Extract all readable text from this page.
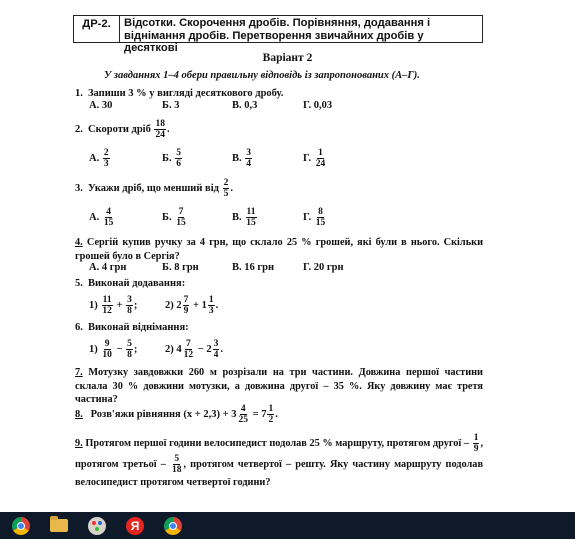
ДР-2.	Відсотки. Скорочення дробів. Порівняння, додавання і віднімання дробів. Перетворення звичайних дробів у десяткові
Варіант 2
У завданнях 1–4 обери правильну відповідь із запропонованих (А–Г).
1. Запиши 3 % у вигляді десяткового дробу.
А. 30	Б. 3	В. 0,3	Г. 0,03
2. Скороти дріб $\frac{18}{24}$ .
А. $\frac{2}{3}$	Б. $\frac{5}{6}$	В. $\frac{3}{4}$	Г. $\frac{1}{24}$
3. Укажи дріб, що менший від $\frac{2}{5}$ .
А. $\frac{4}{15}$	Б. $\frac{7}{15}$	В. $\frac{11}{15}$	Г. $\frac{8}{15}$
4. Сергій купив ручку за 4 грн, що склало 25 % грошей, які були в нього. Скільки грошей було в Сергія?
А. 4 грн	Б. 8 грн	В. 16 грн	Г. 20 грн
5. Виконай додавання:
$1) \frac{11}{12} + \frac{3}{8}$ ;	2) $2 \frac{7}{9} + 1 \frac{1}{3}$ .
6. Виконай віднімання:
$1) \frac{9}{10} - \frac{5}{8}$ ;	2) $4 \frac{7}{12} - 2 \frac{3}{4}$ .
7. Мотузку завдовжки 260 м розрізали на три частини. Довжина першої частини склала 30 % довжини мотузки, а довжина другої – 35 %. Яку довжину має третя частина?
8. Розв'яжи рівняння $(x + 2,3) + 3 \frac{4}{25} = 7 \frac{1}{2}$ .
9. Протягом першої години велосипедист подолав 25 % маршруту, протягом другої – $\frac{1}{9}$ , протягом третьої – $\frac{5}{18}$ , протягом четвертої – решту. Яку частину маршруту подолав велосипедист протягом четвертої години?
Я
